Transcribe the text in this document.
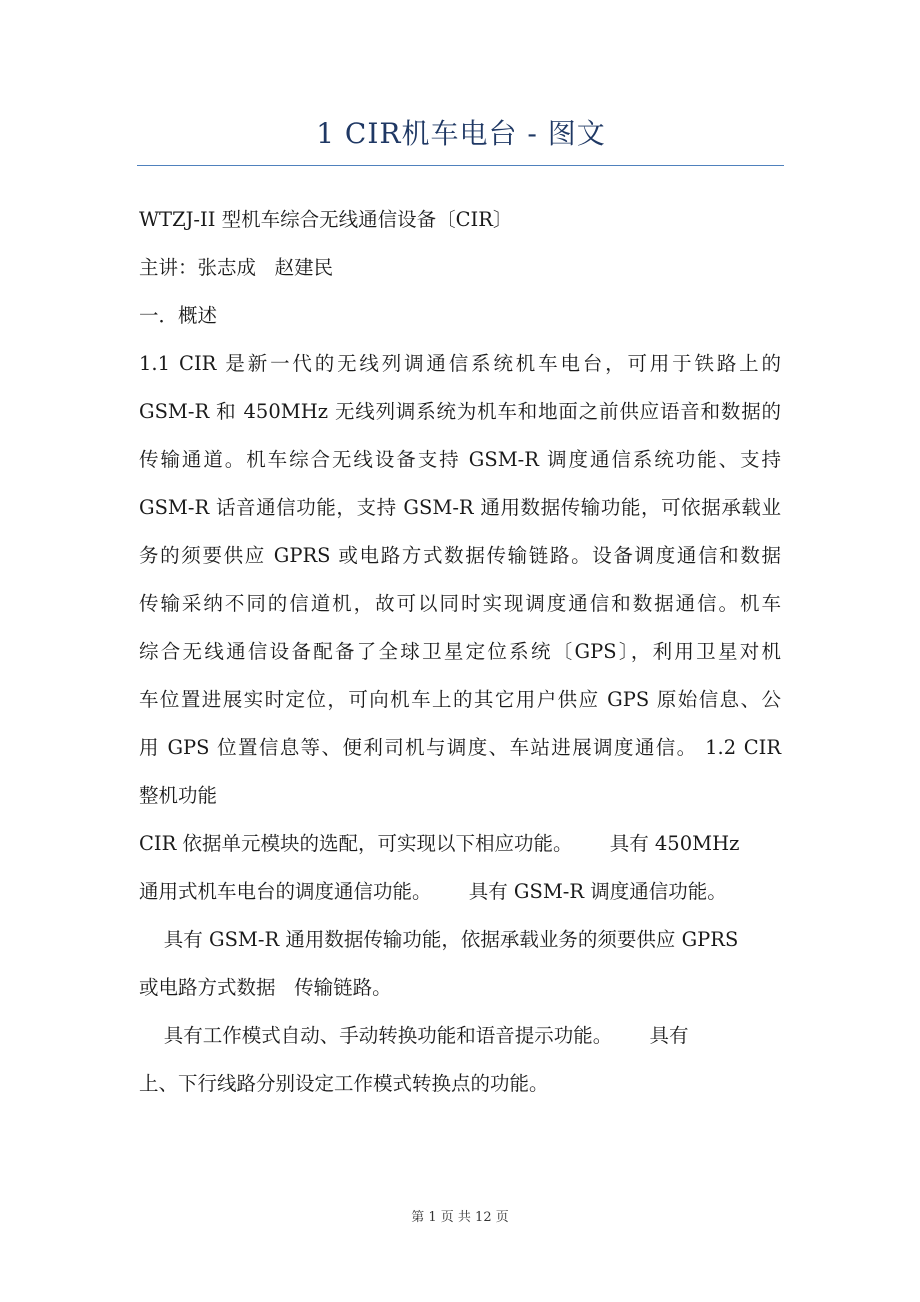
1 CIR机车电台 - 图文
WTZJ-II 型机车综合无线通信设备〔CIR〕
主讲：张志成   赵建民
一．概述
1.1 CIR 是新一代的无线列调通信系统机车电台，可用于铁路上的
GSM-R 和 450MHz 无线列调系统为机车和地面之前供应语音和数据的
传输通道。机车综合无线设备支持 GSM-R 调度通信系统功能、支持
GSM-R 话音通信功能，支持 GSM-R 通用数据传输功能，可依据承载业
务的须要供应 GPRS 或电路方式数据传输链路。设备调度通信和数据
传输采纳不同的信道机，故可以同时实现调度通信和数据通信。机车
综合无线通信设备配备了全球卫星定位系统〔GPS〕，利用卫星对机
车位置进展实时定位，可向机车上的其它用户供应 GPS 原始信息、公
用 GPS 位置信息等、便利司机与调度、车站进展调度通信。 1.2 CIR
整机功能
CIR 依据单元模块的选配，可实现以下相应功能。      具有 450MHz
通用式机车电台的调度通信功能。      具有 GSM-R 调度通信功能。
具有 GSM-R 通用数据传输功能，依据承载业务的须要供应 GPRS
或电路方式数据   传输链路。
具有工作模式自动、手动转换功能和语音提示功能。      具有
上、下行线路分别设定工作模式转换点的功能。
第 1 页 共 12 页
